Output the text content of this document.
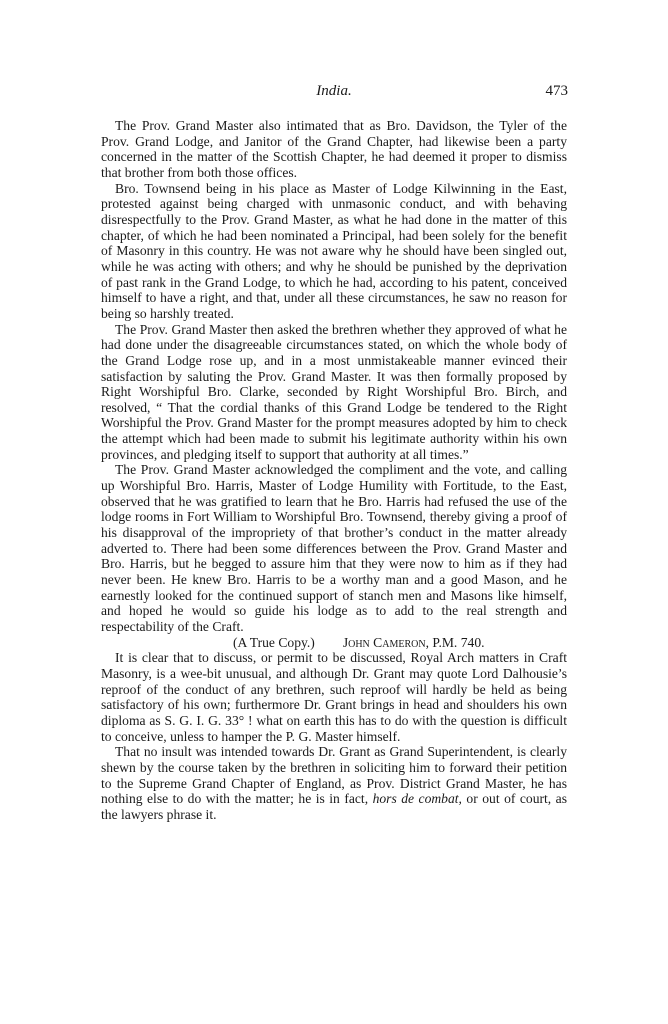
India.	473

The Prov. Grand Master also intimated that as Bro. Davidson, the Tyler of the Prov. Grand Lodge, and Janitor of the Grand Chapter, had likewise been a party concerned in the matter of the Scottish Chapter, he had deemed it proper to dismiss that brother from both those offices.

Bro. Townsend being in his place as Master of Lodge Kilwinning in the East, protested against being charged with unmasonic conduct, and with behaving disrespectfully to the Prov. Grand Master, as what he had done in the matter of this chapter, of which he had been nominated a Principal, had been solely for the benefit of Masonry in this country. He was not aware why he should have been singled out, while he was acting with others; and why he should be punished by the deprivation of past rank in the Grand Lodge, to which he had, according to his patent, conceived himself to have a right, and that, under all these circumstances, he saw no reason for being so harshly treated.

The Prov. Grand Master then asked the brethren whether they approved of what he had done under the disagreeable circumstances stated, on which the whole body of the Grand Lodge rose up, and in a most unmistakeable manner evinced their satisfaction by saluting the Prov. Grand Master. It was then formally proposed by Right Worshipful Bro. Clarke, seconded by Right Worshipful Bro. Birch, and resolved, “ That the cordial thanks of this Grand Lodge be tendered to the Right Worshipful the Prov. Grand Master for the prompt measures adopted by him to check the attempt which had been made to submit his legitimate authority within his own provinces, and pledging itself to support that authority at all times.”

The Prov. Grand Master acknowledged the compliment and the vote, and calling up Worshipful Bro. Harris, Master of Lodge Humility with Fortitude, to the East, observed that he was gratified to learn that he Bro. Harris had refused the use of the lodge rooms in Fort William to Worshipful Bro. Townsend, thereby giving a proof of his disapproval of the impropriety of that brother’s conduct in the matter already adverted to. There had been some differences between the Prov. Grand Master and Bro. Harris, but he begged to assure him that they were now to him as if they had never been. He knew Bro. Harris to be a worthy man and a good Mason, and he earnestly looked for the continued support of stanch men and Masons like himself, and hoped he would so guide his lodge as to add to the real strength and respectability of the Craft.

(A True Copy.) John Cameron, P.M. 740.

It is clear that to discuss, or permit to be discussed, Royal Arch matters in Craft Masonry, is a wee-bit unusual, and although Dr. Grant may quote Lord Dalhousie’s reproof of the conduct of any brethren, such reproof will hardly be held as being satisfactory of his own; furthermore Dr. Grant brings in head and shoulders his own diploma as S. G. I. G. 33° ! what on earth this has to do with the question is difficult to conceive, unless to hamper the P. G. Master himself.

That no insult was intended towards Dr. Grant as Grand Superintendent, is clearly shewn by the course taken by the brethren in soliciting him to forward their petition to the Supreme Grand Chapter of England, as Prov. District Grand Master, he has nothing else to do with the matter; he is in fact, hors de combat, or out of court, as the lawyers phrase it.
